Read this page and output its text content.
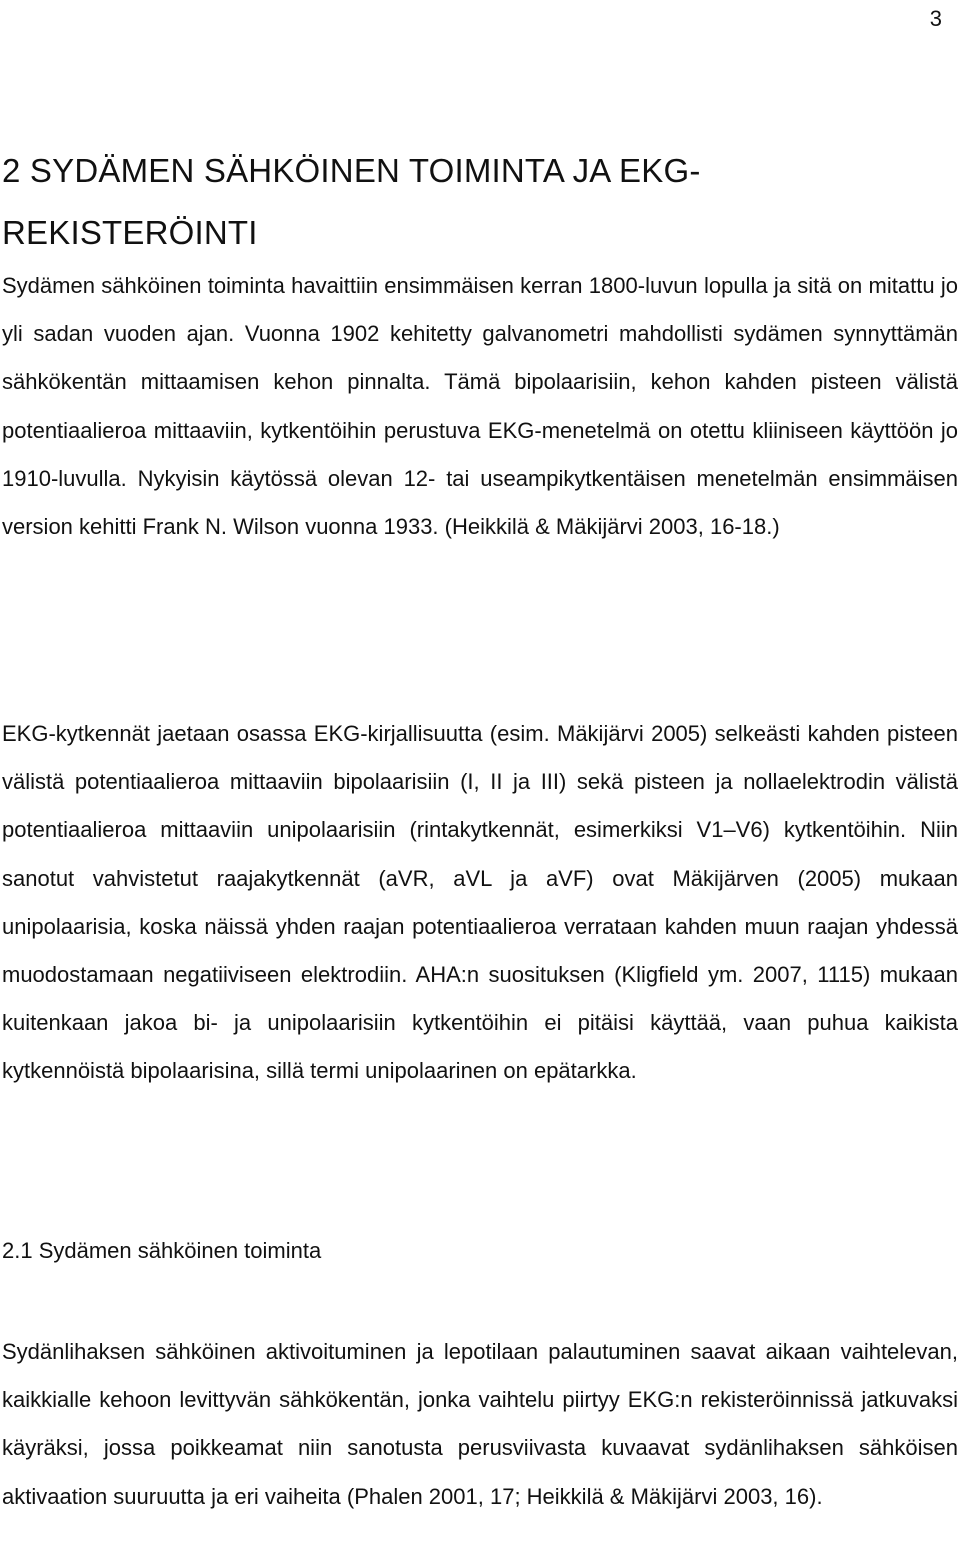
3
2 SYDÄMEN SÄHKÖINEN TOIMINTA JA EKG-
REKISTERÖINTI

Sydämen sähköinen toiminta havaittiin ensimmäisen kerran 1800-luvun lopulla ja sitä on mitattu jo yli sadan vuoden ajan. Vuonna 1902 kehitetty galvanometri mahdollisti sydämen synnyttämän sähkökentän mittaamisen kehon pinnalta. Tämä bipolaarisiin, kehon kahden pisteen välistä potentiaalieroa mittaaviin, kytkentöihin perustuva EKG-menetelmä on otettu kliiniseen käyttöön jo 1910-luvulla. Nykyisin käytössä olevan 12- tai useampikytkentäisen menetelmän ensimmäisen version kehitti Frank N. Wilson vuonna 1933. (Heikkilä & Mäkijärvi 2003, 16-18.)

EKG-kytkennät jaetaan osassa EKG-kirjallisuutta (esim. Mäkijärvi 2005) selkeästi kahden pisteen välistä potentiaalieroa mittaaviin bipolaarisiin (I, II ja III) sekä pisteen ja nollaelektrodin välistä potentiaalieroa mittaaviin unipolaarisiin (rintakytkennät, esimerkiksi V1–V6) kytkentöihin. Niin sanotut vahvistetut raajakytkennät (aVR, aVL ja aVF) ovat Mäkijärven (2005) mukaan unipolaarisia, koska näissä yhden raajan potentiaalieroa verrataan kahden muun raajan yhdessä muodostamaan negatiiviseen elektrodiin. AHA:n suosituksen (Kligfield ym. 2007, 1115) mukaan kuitenkaan jakoa bi- ja unipolaarisiin kytkentöihin ei pitäisi käyttää, vaan puhua kaikista kytkennöistä bipolaarisina, sillä termi unipolaarinen on epätarkka.

2.1 Sydämen sähköinen toiminta

Sydänlihaksen sähköinen aktivoituminen ja lepotilaan palautuminen saavat aikaan vaihtelevan, kaikkialle kehoon levittyvän sähkökentän, jonka vaihtelu piirtyy EKG:n rekisteröinnissä jatkuvaksi käyräksi, jossa poikkeamat niin sanotusta perusviivasta kuvaavat sydänlihaksen sähköisen aktivaation suuruutta ja eri vaiheita (Phalen 2001, 17; Heikkilä & Mäkijärvi 2003, 16).
